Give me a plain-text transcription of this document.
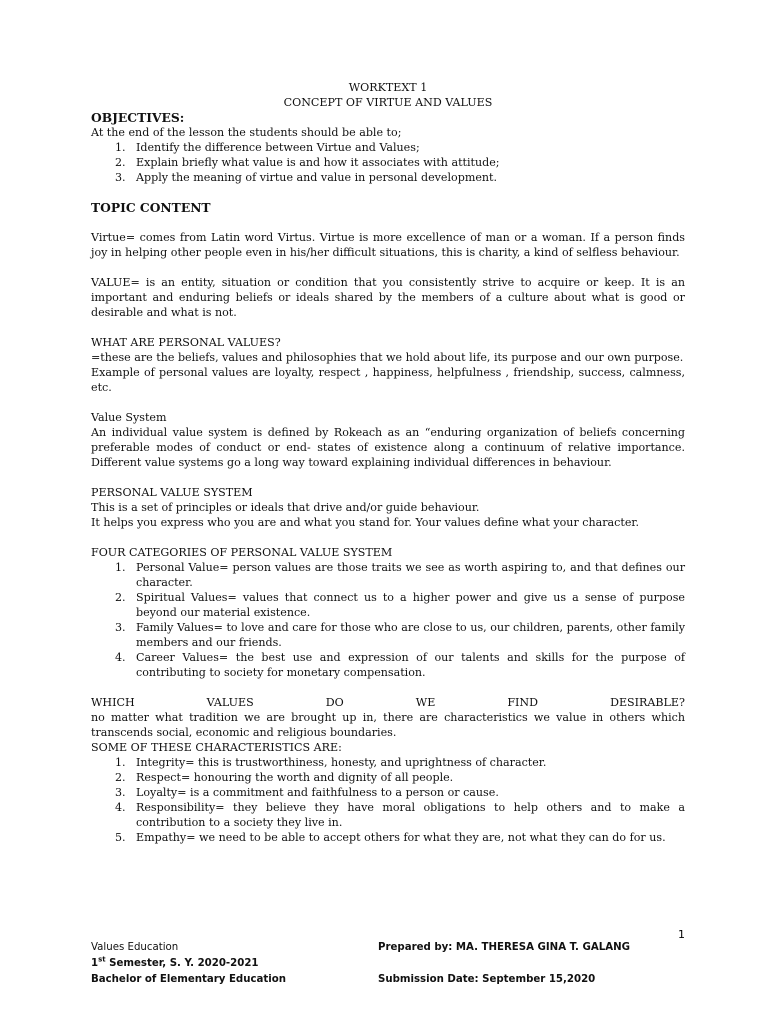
WORKTEXT 1
CONCEPT OF VIRTUE AND VALUES
OBJECTIVES:

At the end of the lesson the students should be able to;

1. Identify the difference between Virtue and Values;
2. Explain briefly what value is and how it associates with attitude;
3. Apply the meaning of virtue and value in personal development.
TOPIC CONTENT

Virtue= comes from Latin word Virtus. Virtue is more excellence of man or a woman. If a person finds joy in helping other people even in his/her difficult situations, this is charity, a kind of selfless behaviour.

VALUE= is an entity, situation or condition that you consistently strive to acquire or keep. It is an important and enduring beliefs or ideals shared by the members of a culture about what is good or desirable and what is not.

WHAT ARE PERSONAL VALUES?

=these are the beliefs, values and philosophies that we hold about life, its purpose and our own purpose.

Example of personal values are loyalty, respect , happiness, helpfulness , friendship, success, calmness, etc.

Value System

An individual value system is defined by Rokeach as an “enduring organization of beliefs concerning preferable modes of conduct or end- states of existence along a continuum of relative importance. Different value systems go a long way toward explaining individual differences in behaviour.

PERSONAL VALUE SYSTEM

This is a set of principles or ideals that drive and/or guide behaviour.

It helps you express who you are and what you stand for. Your values define what your character.

FOUR CATEGORIES OF PERSONAL VALUE SYSTEM

1. Personal Value= person values are those traits we see as worth aspiring to, and that defines our character.
2. Spiritual Values= values that connect us to a higher power and give us a sense of purpose beyond our material existence.
3. Family Values= to love and care for those who are close to us, our children, parents, other family members and our friends.
4. Career Values= the best use and expression of our talents and skills for the purpose of contributing to society for monetary compensation.
WHICH	VALUES	DO	WE	FIND	DESIRABLE?

no matter what tradition we are brought up in, there are characteristics we value in others which transcends social, economic and religious boundaries.

SOME OF THESE CHARACTERISTICS ARE:

1. Integrity= this is trustworthiness, honesty, and uprightness of character.
2. Respect= honouring the worth and dignity of all people.
3. Loyalty= is a commitment and faithfulness to a person or cause.
4. Responsibility= they believe they have moral obligations to help others and to make a contribution to a society they live in.
5. Empathy= we need to be able to accept others for what they are, not what they can do for us.
1
Values Education	Prepared by: MA. THERESA GINA T. GALANG
1st Semester, S. Y. 2020-2021
Bachelor of Elementary Education	Submission Date: September 15,2020
